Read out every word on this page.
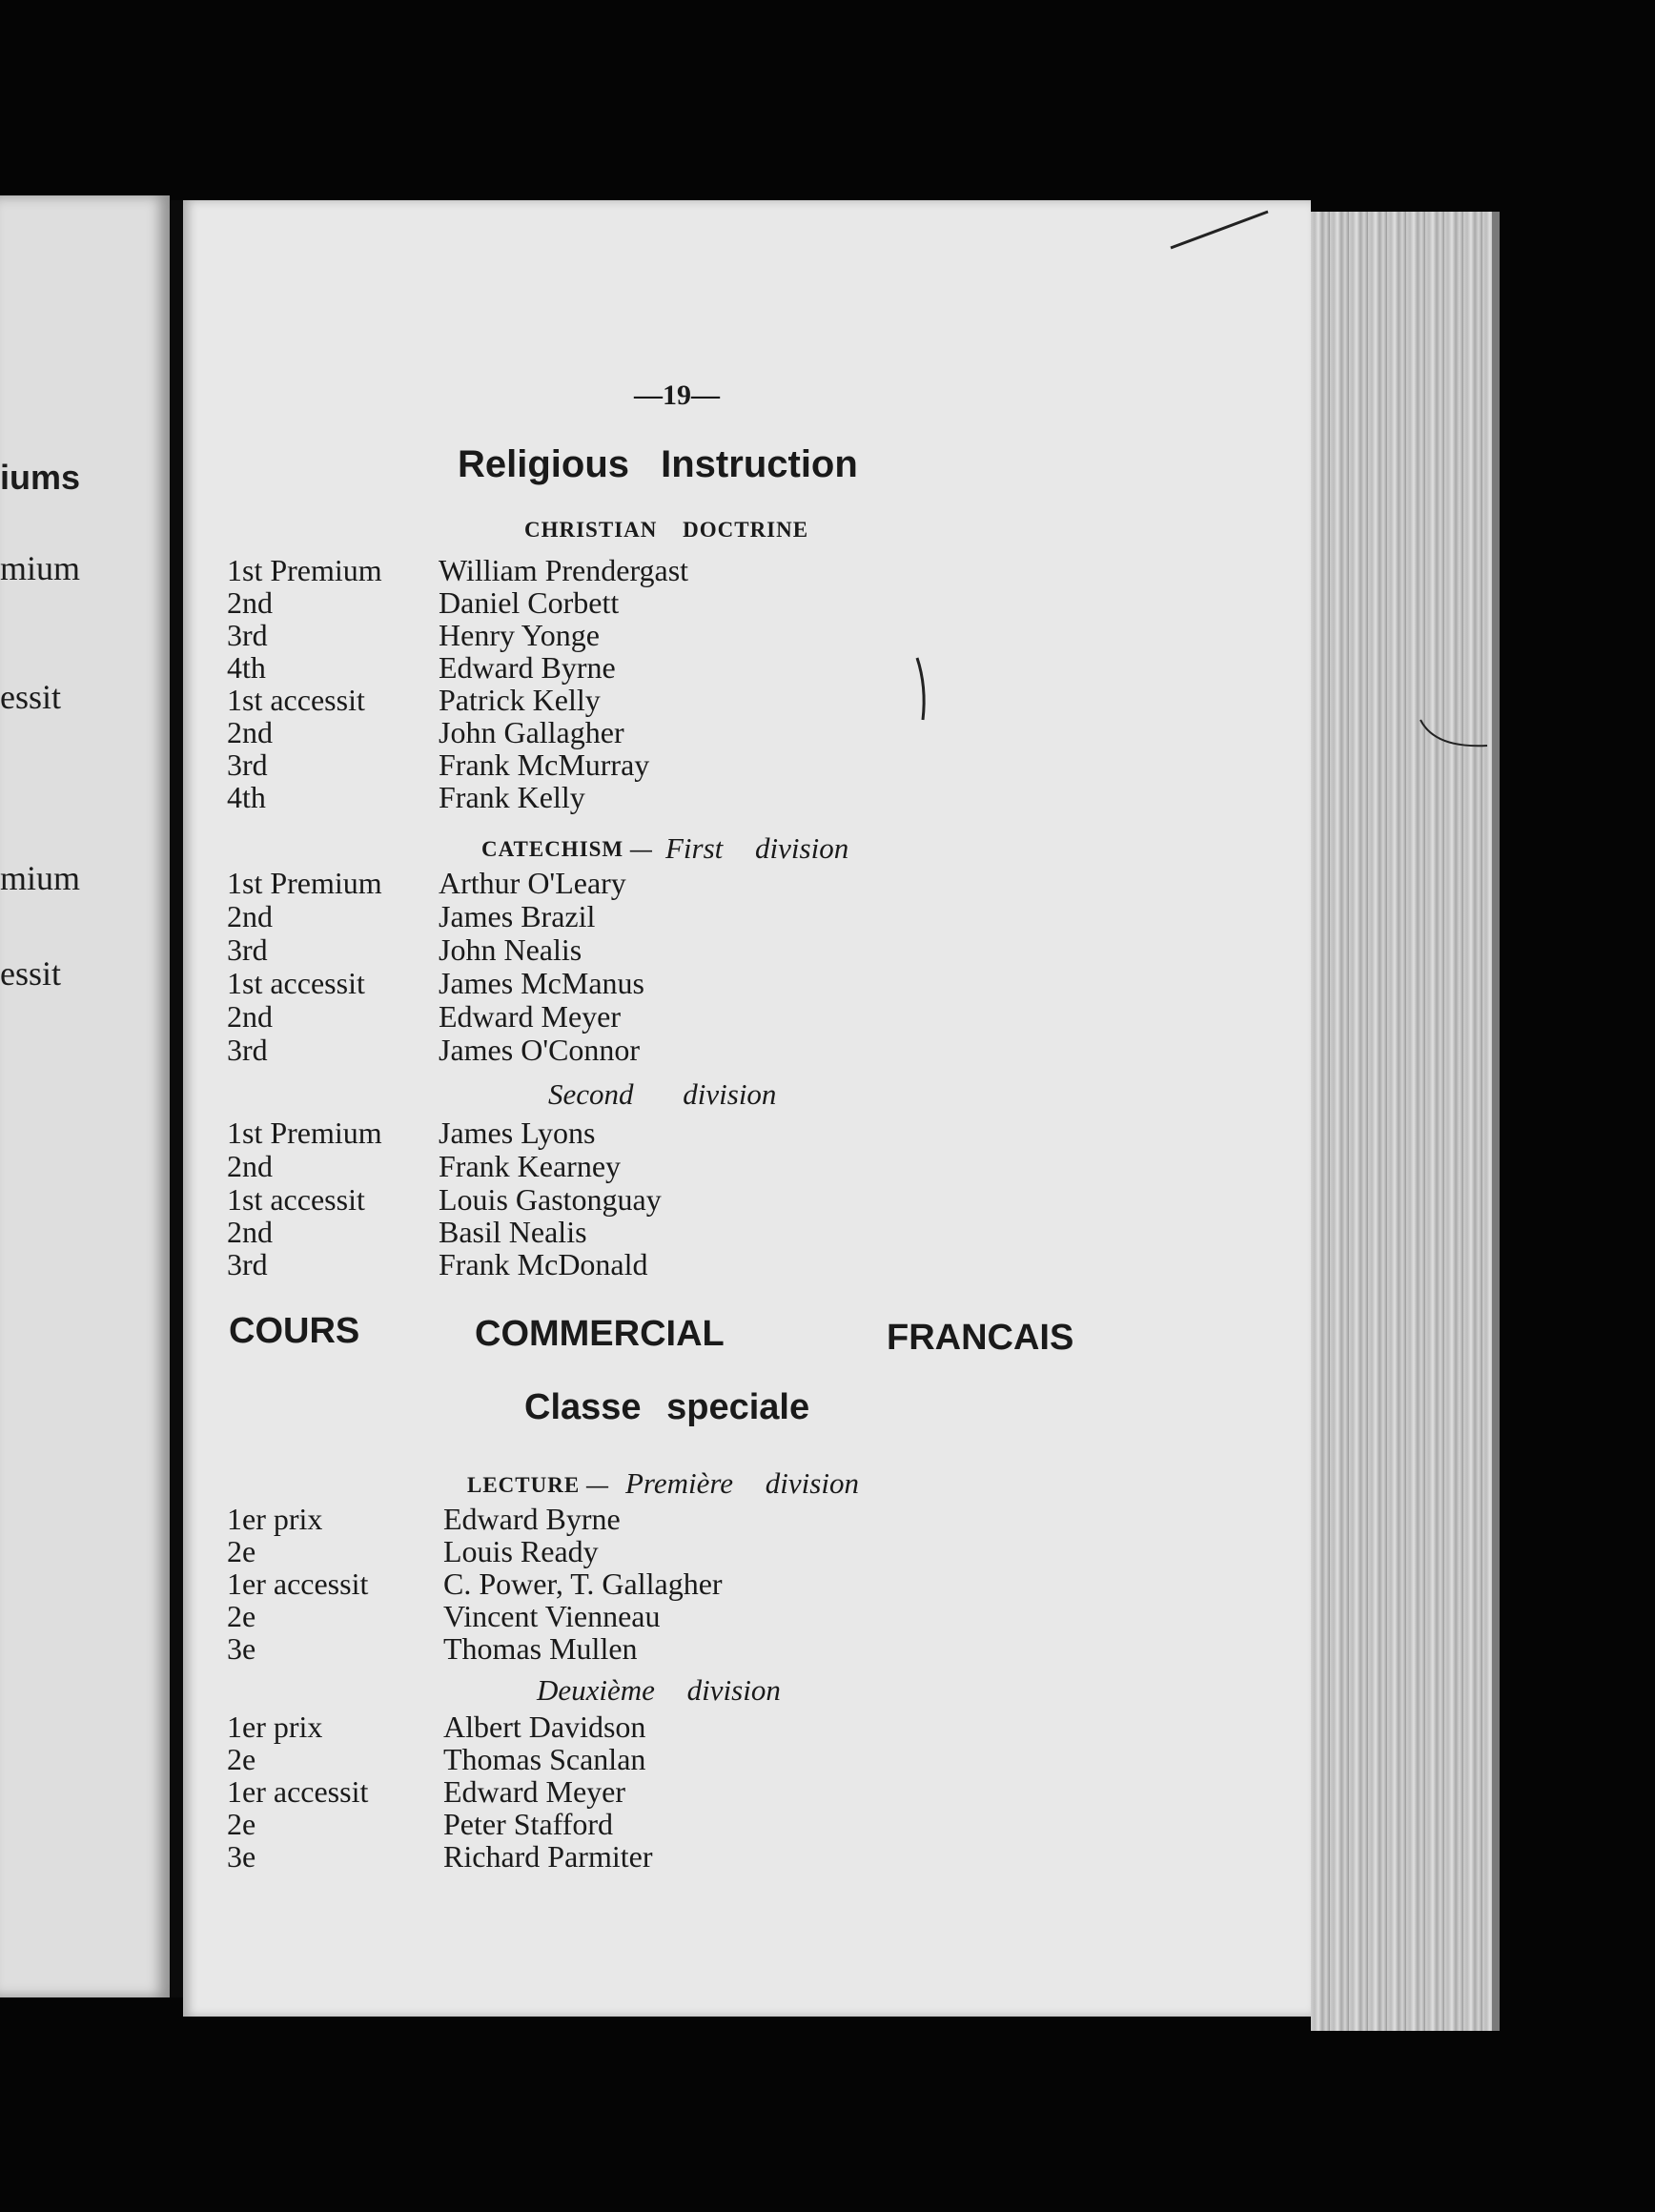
iums
mium
essit
mium
essit
—19—
Religious Instruction
CHRISTIAN DOCTRINE
1st Premium William Prendergast
2nd	Daniel Corbett
3rd	Henry Yonge
4th	Edward Byrne
1st accessit Patrick Kelly
2nd	John Gallagher
3rd	Frank McMurray
4th	Frank Kelly
CATECHISM — First division
1st Premium Arthur O'Leary
2nd	James Brazil
3rd	John Nealis
1st accessit James McManus
2nd	Edward Meyer
3rd	James O'Connor
Second division
1st Premium James Lyons
2nd	Frank Kearney
1st accessit Louis Gastonguay
2nd	Basil Nealis
3rd	Frank McDonald
COURS	COMMERCIAL	FRANCAIS
Classe speciale
LECTURE — Première division
1er prix	Edward Byrne
2e	Louis Ready
1er accessit C. Power, T. Gallagher
2e	Vincent Vienneau
3e	Thomas Mullen
Deuxième division
1er prix	Albert Davidson
2e	Thomas Scanlan
1er accessit Edward Meyer
2e	Peter Stafford
3e	Richard Parmiter
